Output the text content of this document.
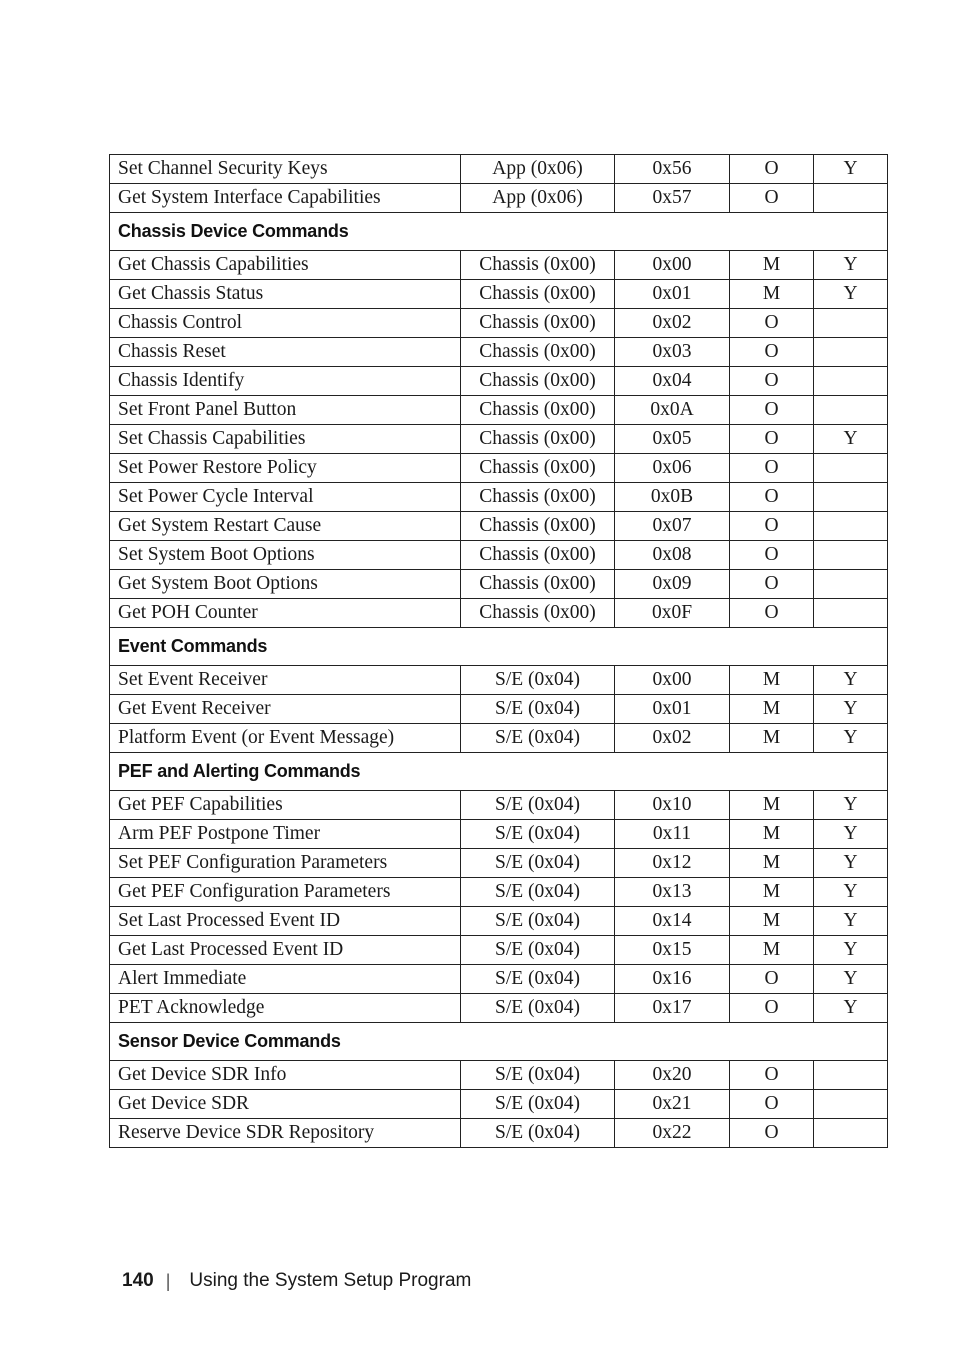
Set Channel Security Keys	App (0x06)	0x56	O	Y
Get System Interface Capabilities	App (0x06)	0x57	O	
Chassis Device Commands				
Get Chassis Capabilities	Chassis (0x00)	0x00	M	Y
Get Chassis Status	Chassis (0x00)	0x01	M	Y
Chassis Control	Chassis (0x00)	0x02	O	
Chassis Reset	Chassis (0x00)	0x03	O	
Chassis Identify	Chassis (0x00)	0x04	O	
Set Front Panel Button	Chassis (0x00)	0x0A	O	
Set Chassis Capabilities	Chassis (0x00)	0x05	O	Y
Set Power Restore Policy	Chassis (0x00)	0x06	O	
Set Power Cycle Interval	Chassis (0x00)	0x0B	O	
Get System Restart Cause	Chassis (0x00)	0x07	O	
Set System Boot Options	Chassis (0x00)	0x08	O	
Get System Boot Options	Chassis (0x00)	0x09	O	
Get POH Counter	Chassis (0x00)	0x0F	O	
Event Commands				
Set Event Receiver	S/E (0x04)	0x00	M	Y
Get Event Receiver	S/E (0x04)	0x01	M	Y
Platform Event (or Event Message)	S/E (0x04)	0x02	M	Y
PEF and Alerting Commands				
Get PEF Capabilities	S/E (0x04)	0x10	M	Y
Arm PEF Postpone Timer	S/E (0x04)	0x11	M	Y
Set PEF Configuration Parameters	S/E (0x04)	0x12	M	Y
Get PEF Configuration Parameters	S/E (0x04)	0x13	M	Y
Set Last Processed Event ID	S/E (0x04)	0x14	M	Y
Get Last Processed Event ID	S/E (0x04)	0x15	M	Y
Alert Immediate	S/E (0x04)	0x16	O	Y
PET Acknowledge	S/E (0x04)	0x17	O	Y
Sensor Device Commands				
Get Device SDR Info	S/E (0x04)	0x20	O	
Get Device SDR	S/E (0x04)	0x21	O	
Reserve Device SDR Repository	S/E (0x04)	0x22	O	
140 | Using the System Setup Program
